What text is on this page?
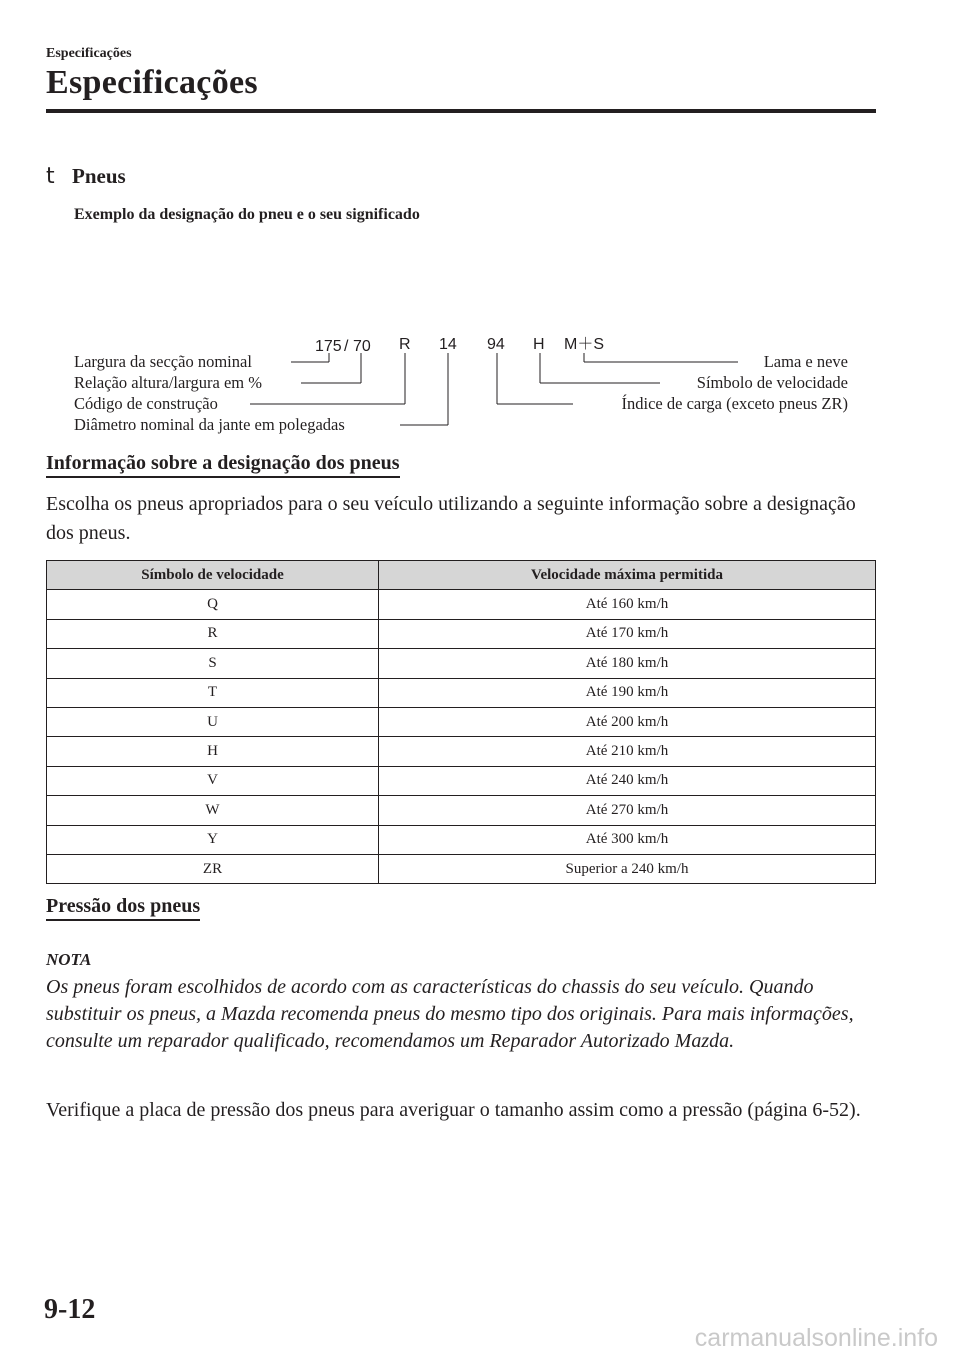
Especificações
Especificações
t Pneus
Exemplo da designação do pneu e o seu significado
175 / 70 R 14 94 H M＋S
Largura da secção nominal
Relação altura/largura em %
Código de construção
Diâmetro nominal da jante em polegadas
Lama e neve
Símbolo de velocidade
Índice de carga (exceto pneus ZR)
Informação sobre a designação dos pneus
Escolha os pneus apropriados para o seu veículo utilizando a seguinte informação sobre a designação dos pneus.
Símbolo de velocidade	Velocidade máxima permitida
Q	Até 160 km/h
R	Até 170 km/h
S	Até 180 km/h
T	Até 190 km/h
U	Até 200 km/h
H	Até 210 km/h
V	Até 240 km/h
W	Até 270 km/h
Y	Até 300 km/h
ZR	Superior a 240 km/h
Pressão dos pneus
NOTA
Os pneus foram escolhidos de acordo com as características do chassis do seu veículo. Quando substituir os pneus, a Mazda recomenda pneus do mesmo tipo dos originais. Para mais informações, consulte um reparador qualificado, recomendamos um Reparador Autorizado Mazda.
Verifique a placa de pressão dos pneus para averiguar o tamanho assim como a pressão (página 6-52).
9-12
carmanualsonline.info
